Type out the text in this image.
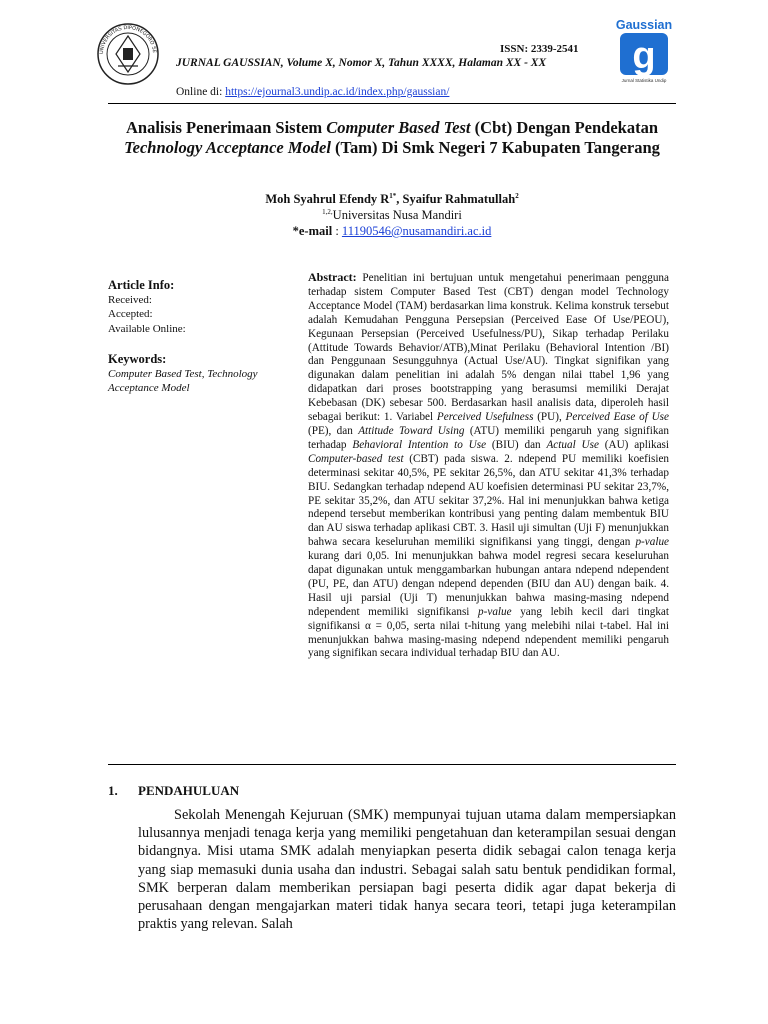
UNIVERSITAS DIPONEGORO SE	ISSN: 2339-2541
JURNAL GAUSSIAN, Volume X, Nomor X, Tahun XXXX, Halaman XX - XX
Online di: https://ejournal3.undip.ac.id/index.php/gaussian/
Gaussian
g
Jurnal Statistika Undip
Analisis Penerimaan Sistem Computer Based Test (Cbt) Dengan Pendekatan Technology Acceptance Model (Tam) Di Smk Negeri 7 Kabupaten Tangerang
Moh Syahrul Efendy $R^{1*}$, Syaifur Rahmatullah$^2$
$^{1,2,}$Universitas Nusa Mandiri
*e-mail : 11190546@nusamandiri.ac.id
Article Info:
Received:
Accepted:
Available Online:
Keywords:
Computer Based Test, Technology Acceptance Model
Abstract: Penelitian ini bertujuan untuk mengetahui penerimaan pengguna terhadap sistem Computer Based Test (CBT) dengan model Technology Acceptance Model (TAM) berdasarkan lima konstruk. Kelima konstruk tersebut adalah Kemudahan Pengguna Persepsian (Perceived Ease Of Use/PEOU), Kegunaan Persepsian (Perceived Usefulness/PU), Sikap terhadap Perilaku (Attitude Towards Behavior/ATB),Minat Perilaku (Behavioral Intention /BI) dan Penggunaan Sesungguhnya (Actual Use/AU). Tingkat signifikan yang digunakan dalam penelitian ini adalah 5% dengan nilai ttabel 1,96 yang didapatkan dari proses bootstrapping yang berasumsi memiliki Derajat Kebebasan (DK) sebesar 500. Berdasarkan hasil analisis data, diperoleh hasil sebagai berikut: 1. Variabel Perceived Usefulness (PU), Perceived Ease of Use (PE), dan Attitude Toward Using (ATU) memiliki pengaruh yang signifikan terhadap Behavioral Intention to Use (BIU) dan Actual Use (AU) aplikasi Computer-based test (CBT) pada siswa. 2. ndepend PU memiliki koefisien determinasi sekitar 40,5%, PE sekitar 26,5%, dan ATU sekitar 41,3% terhadap BIU. Sedangkan terhadap ndepend AU koefisien determinasi PU sekitar 23,7%, PE sekitar 35,2%, dan ATU sekitar 37,2%. Hal ini menunjukkan bahwa ketiga ndepend tersebut memberikan kontribusi yang penting dalam membentuk BIU dan AU siswa terhadap aplikasi CBT. 3. Hasil uji simultan (Uji F) menunjukkan bahwa secara keseluruhan memiliki signifikansi yang tinggi, dengan p-value kurang dari 0,05. Ini menunjukkan bahwa model regresi secara keseluruhan dapat digunakan untuk menggambarkan hubungan antara ndepend ndependent (PU, PE, dan ATU) dengan ndepend dependen (BIU dan AU) dengan baik. 4. Hasil uji parsial (Uji T) menunjukkan bahwa masing-masing ndepend ndependent memiliki signifikansi p-value yang lebih kecil dari tingkat signifikansi α = 0,05, serta nilai t-hitung yang melebihi nilai t-tabel. Hal ini menunjukkan bahwa masing-masing ndepend ndependent memiliki pengaruh yang signifikan secara individual terhadap BIU dan AU.
1. PENDAHULUAN
Sekolah Menengah Kejuruan (SMK) mempunyai tujuan utama dalam mempersiapkan lulusannya menjadi tenaga kerja yang memiliki pengetahuan dan keterampilan sesuai dengan bidangnya. Misi utama SMK adalah menyiapkan peserta didik sebagai calon tenaga kerja yang siap memasuki dunia usaha dan industri. Sebagai salah satu bentuk pendidikan formal, SMK berperan dalam memberikan persiapan bagi peserta didik agar dapat bekerja di perusahaan dengan mengajarkan materi tidak hanya secara teori, tetapi juga keterampilan praktis yang relevan. Salah
